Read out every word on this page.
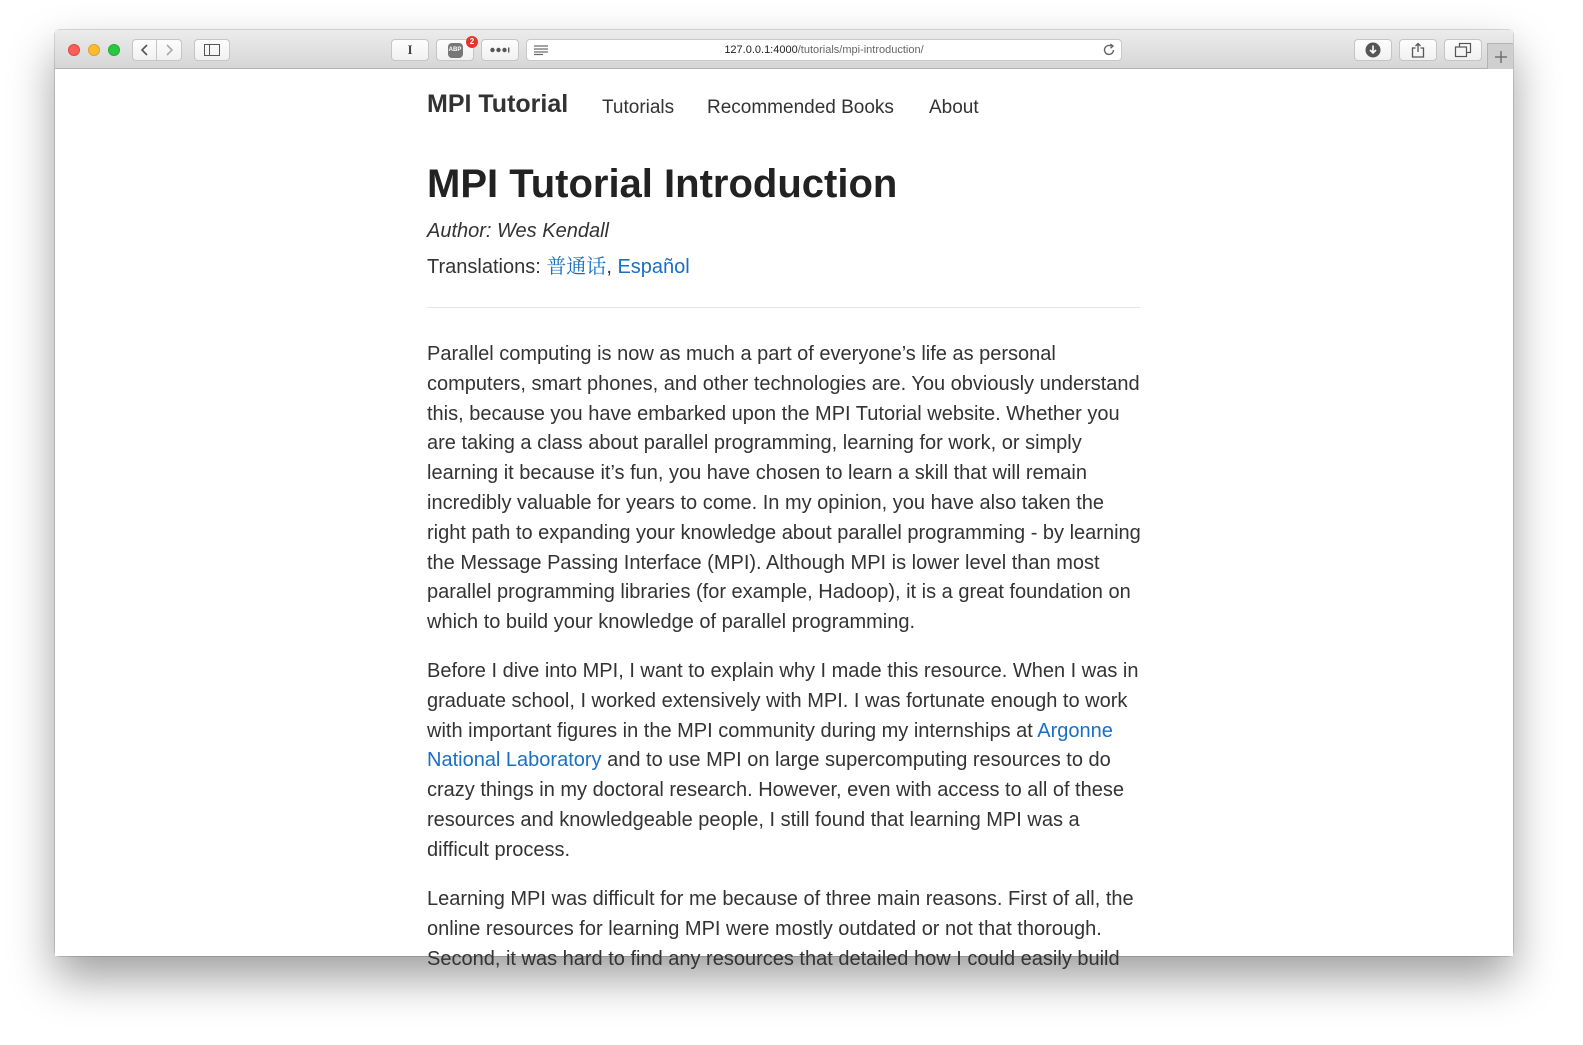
I	ABP
2
127.0.0.1:4000/tutorials/mpi-introduction/
MPI Tutorial Tutorials Recommended Books About
MPI Tutorial Introduction
Author: Wes Kendall
Translations: 普通话, Español

Parallel computing is now as much a part of everyone’s life as personal computers, smart phones, and other technologies are. You obviously understand this, because you have embarked upon the MPI Tutorial website. Whether you are taking a class about parallel programming, learning for work, or simply learning it because it’s fun, you have chosen to learn a skill that will remain incredibly valuable for years to come. In my opinion, you have also taken the right path to expanding your knowledge about parallel programming - by learning the Message Passing Interface (MPI). Although MPI is lower level than most parallel programming libraries (for example, Hadoop), it is a great foundation on which to build your knowledge of parallel programming.

Before I dive into MPI, I want to explain why I made this resource. When I was in graduate school, I worked extensively with MPI. I was fortunate enough to work with important figures in the MPI community during my internships at Argonne National Laboratory and to use MPI on large supercomputing resources to do crazy things in my doctoral research. However, even with access to all of these resources and knowledgeable people, I still found that learning MPI was a difficult process.

Learning MPI was difficult for me because of three main reasons. First of all, the online resources for learning MPI were mostly outdated or not that thorough. Second, it was hard to find any resources that detailed how I could easily build
